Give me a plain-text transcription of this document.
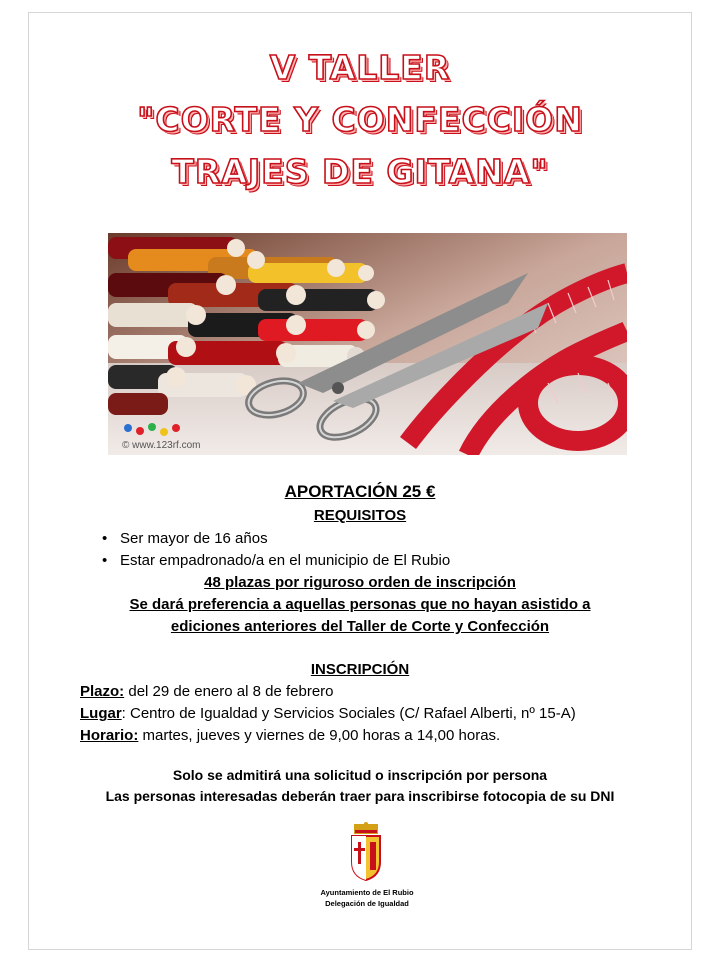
V TALLER
"CORTE Y CONFECCIÓN
TRAJES DE GITANA"
© www.123rf.com
APORTACIÓN 25 €
REQUISITOS
• Ser mayor de 16 años
• Estar empadronado/a en el municipio de El Rubio
48 plazas por riguroso orden de inscripción
Se dará preferencia a aquellas personas que no hayan asistido a
ediciones anteriores del Taller de Corte y Confección
INSCRIPCIÓN
Plazo: del 29 de enero al 8 de febrero
Lugar: Centro de Igualdad y Servicios Sociales (C/ Rafael Alberti, nº 15-A)
Horario: martes, jueves y viernes de 9,00 horas a 14,00 horas.
Solo se admitirá una solicitud o inscripción por persona
Las personas interesadas deberán traer para inscribirse fotocopia de su DNI
Ayuntamiento de El Rubio
Delegación de Igualdad
